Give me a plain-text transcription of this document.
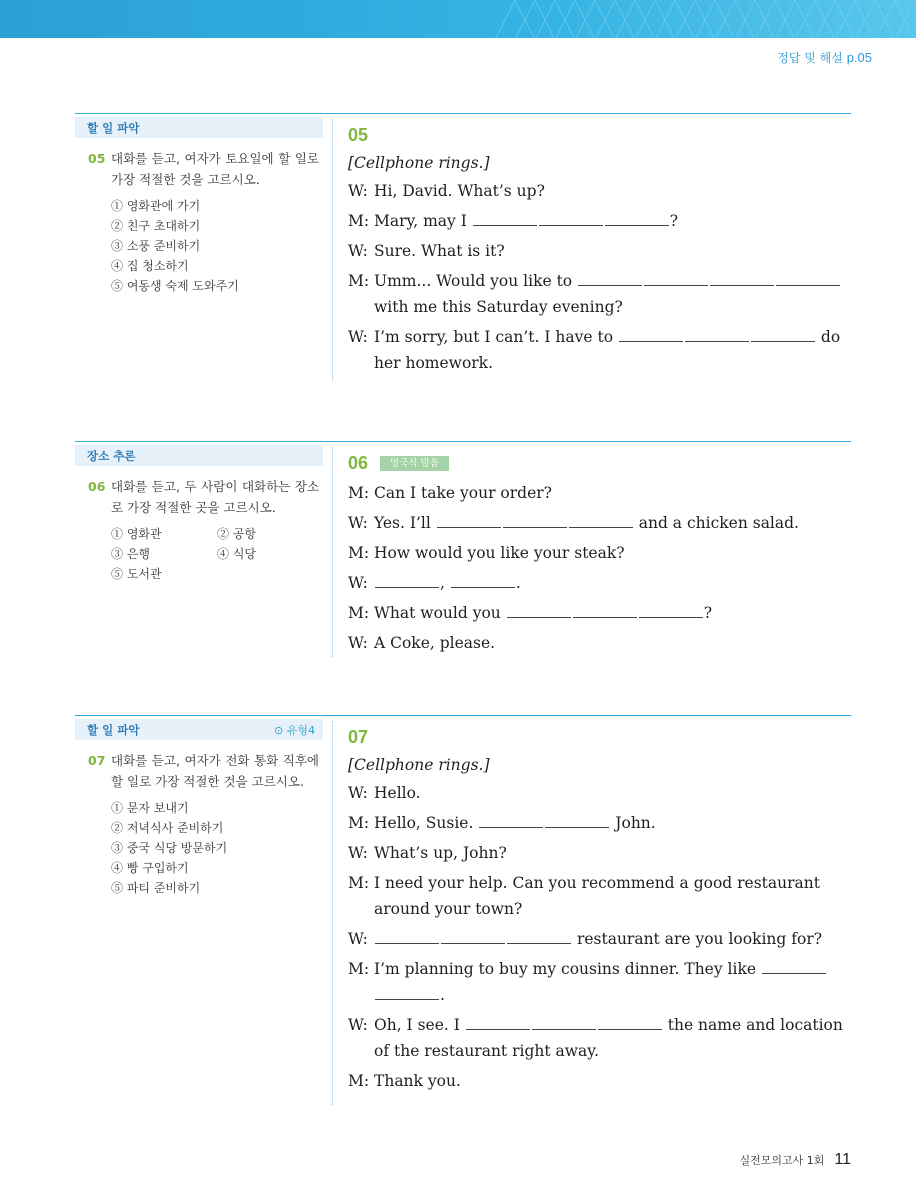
정답 및 해설 p.05
할 일 파악
05 대화를 듣고, 여자가 토요일에 할 일로 가장 적절한 것을 고르시오.
① 영화관에 가기
② 친구 초대하기
③ 소풍 준비하기
④ 집 청소하기
⑤ 여동생 숙제 도와주기
05
[Cellphone rings.]
W: Hi, David. What’s up?
M: Mary, may I	?
W: Sure. What is it?
M: Umm... Would you like to  with me this Saturday evening?
W: I’m sorry, but I can’t. I have to	do her homework.
장소 추론
06 대화를 듣고, 두 사람이 대화하는 장소로 가장 적절한 곳을 고르시오.
① 영화관	② 공항
③ 은행	④ 식당
⑤ 도서관
06	영국식 발음
M: Can I take your order?
W: Yes. I’ll	and a chicken salad.
M: How would you like your steak?
W:	,	.
M: What would you	?
W: A Coke, please.
할 일 파악	⊙ 유형4
07 대화를 듣고, 여자가 전화 통화 직후에 할 일로 가장 적절한 것을 고르시오.
① 문자 보내기
② 저녁식사 준비하기
③ 중국 식당 방문하기
④ 빵 구입하기
⑤ 파티 준비하기
07
[Cellphone rings.]
W: Hello.
M: Hello, Susie.	John.
W: What’s up, John?
M: I need your help. Can you recommend a good restaurant around your town?
W:	restaurant are you looking for?
M: I’m planning to buy my cousins dinner. They like  .
W: Oh, I see. I	the name and location of the restaurant right away.
M: Thank you.
실전모의고사 1회 11
